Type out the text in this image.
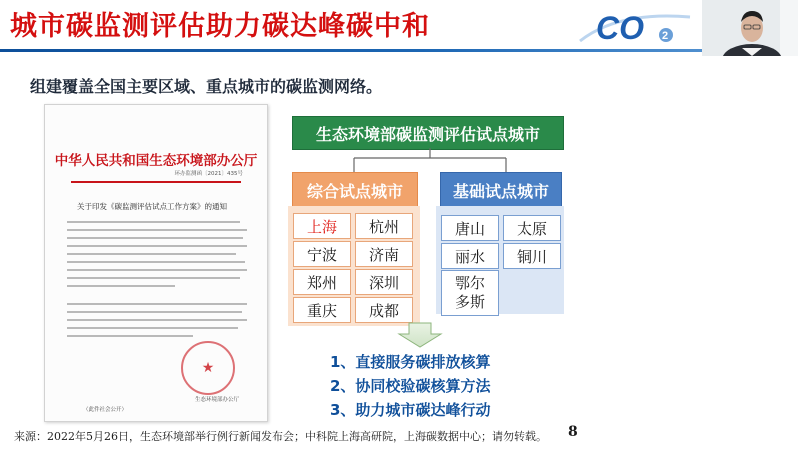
城市碳监测评估助力碳达峰碳中和	CO 2
组建覆盖全国主要区域、重点城市的碳监测网络。
中华人民共和国生态环境部办公厅
环办监测函〔2021〕435号
关于印发《碳监测评估试点工作方案》的通知
★
生态环境部办公厅
（此件社会公开）
生态环境部碳监测评估试点城市
综合试点城市	基础试点城市
上海	杭州
宁波	济南
郑州	深圳
重庆	成都
唐山	太原
丽水	铜川
鄂尔
多斯
1、直接服务碳排放核算
2、协同校验碳核算方法
3、助力城市碳达峰行动
来源：2022年5月26日，生态环境部举行例行新闻发布会；中科院上海高研院，上海碳数据中心；请勿转载。 8
